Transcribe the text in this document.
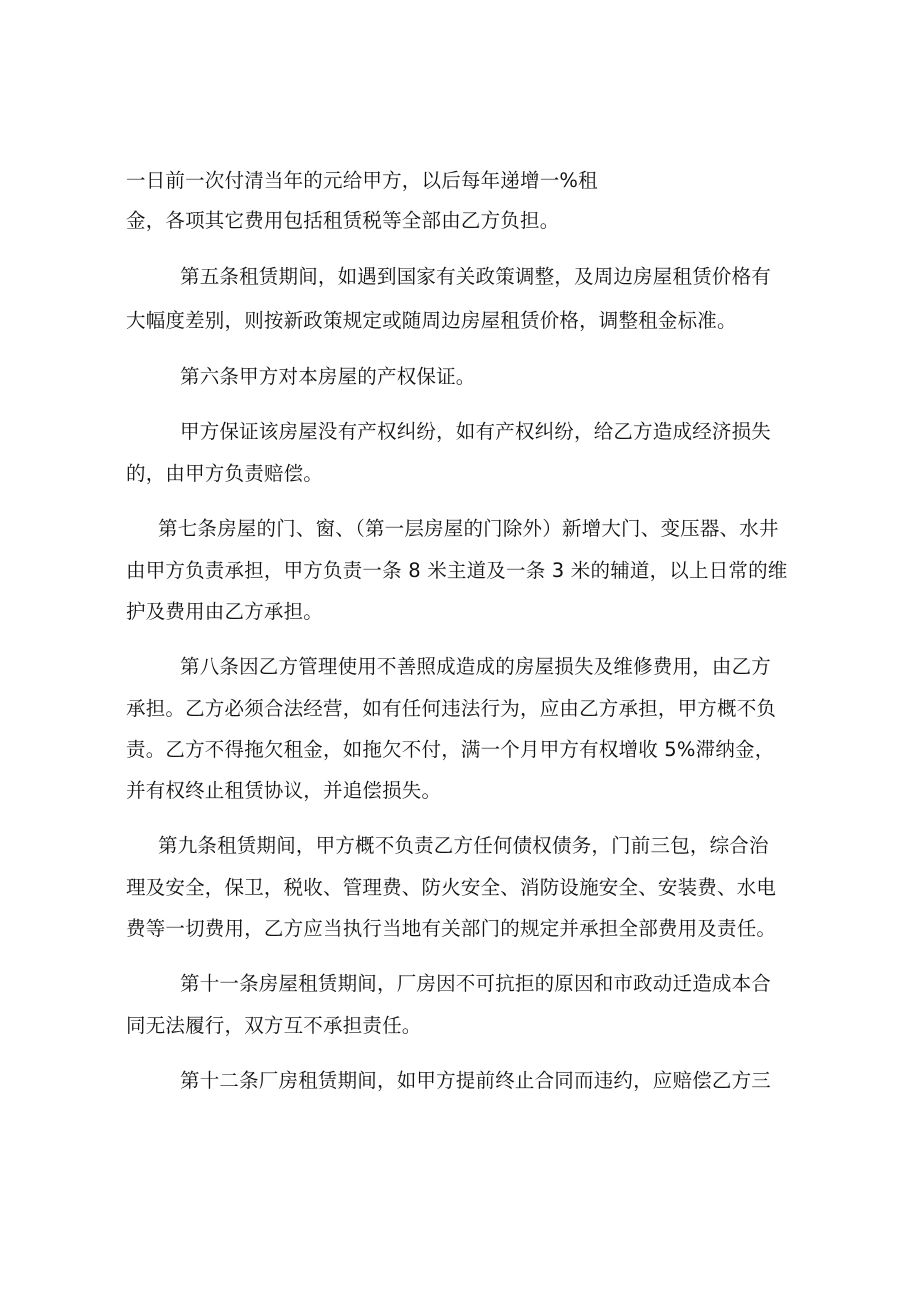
一日前一次付清当年的元给甲方，以后每年递增一%租
金，各项其它费用包括租赁税等全部由乙方负担。
第五条租赁期间，如遇到国家有关政策调整，及周边房屋租赁价格有
大幅度差别，则按新政策规定或随周边房屋租赁价格，调整租金标准。
第六条甲方对本房屋的产权保证。
甲方保证该房屋没有产权纠纷，如有产权纠纷，给乙方造成经济损失
的，由甲方负责赔偿。
第七条房屋的门、窗、（第一层房屋的门除外）新增大门、变压器、水井
由甲方负责承担，甲方负责一条 8 米主道及一条 3 米的辅道，以上日常的维
护及费用由乙方承担。
第八条因乙方管理使用不善照成造成的房屋损失及维修费用，由乙方
承担。乙方必须合法经营，如有任何违法行为，应由乙方承担，甲方概不负
责。乙方不得拖欠租金，如拖欠不付，满一个月甲方有权增收 5%滞纳金，
并有权终止租赁协议，并追偿损失。
第九条租赁期间，甲方概不负责乙方任何债权债务，门前三包，综合治
理及安全，保卫，税收、管理费、防火安全、消防设施安全、安装费、水电
费等一切费用，乙方应当执行当地有关部门的规定并承担全部费用及责任。
第十一条房屋租赁期间，厂房因不可抗拒的原因和市政动迁造成本合
同无法履行，双方互不承担责任。
第十二条厂房租赁期间，如甲方提前终止合同而违约，应赔偿乙方三
